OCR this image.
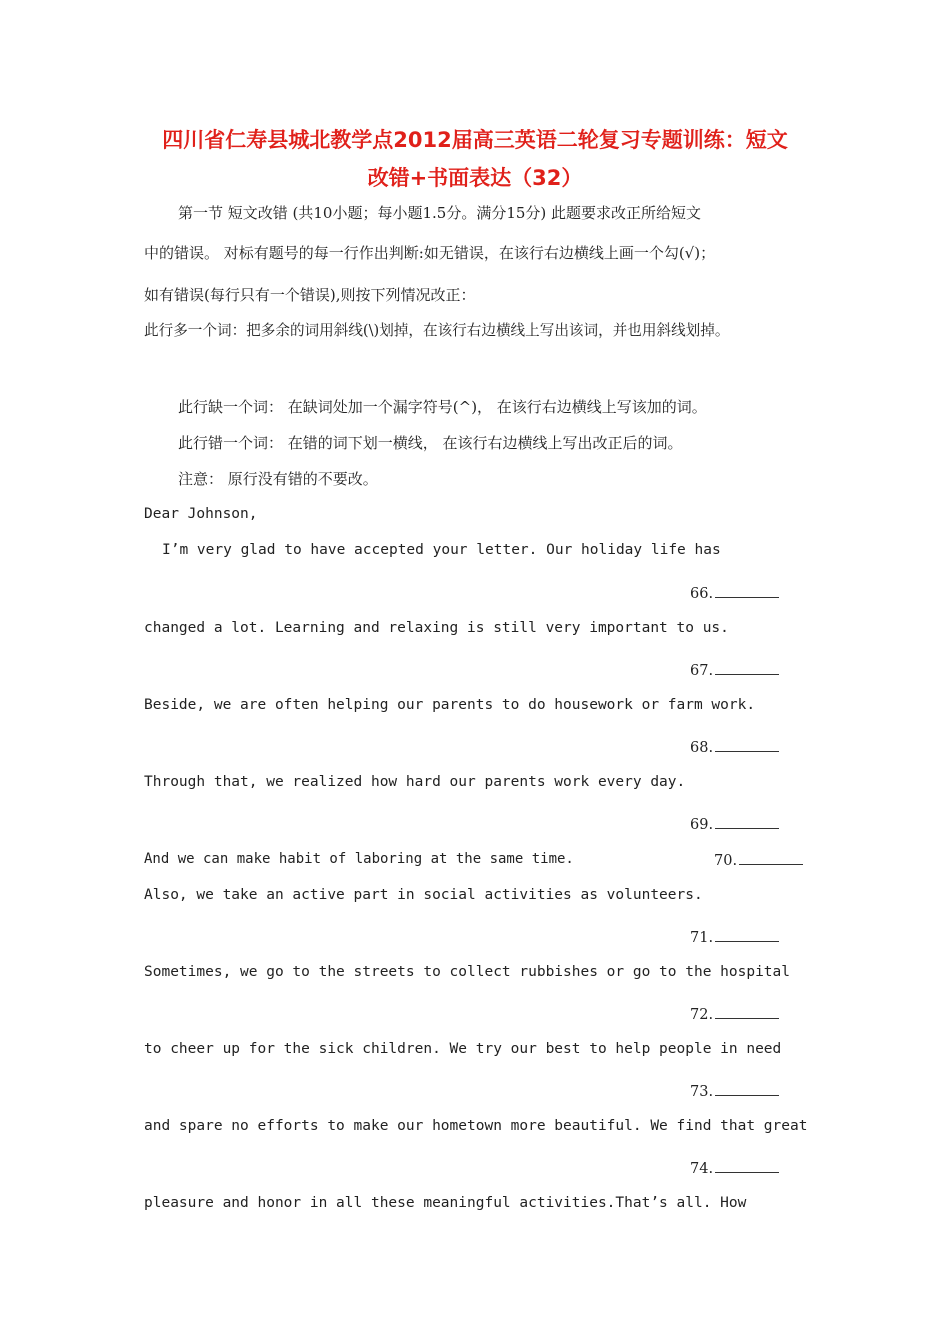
四川省仁寿县城北教学点2012届高三英语二轮复习专题训练：短文
改错+书面表达（32）

第一节 短文改错 (共10小题；每小题1.5分。满分15分) 此题要求改正所给短文

中的错误。 对标有题号的每一行作出判断:如无错误，在该行右边横线上画一个勾(√)；

如有错误(每行只有一个错误),则按下列情况改正：

此行多一个词：把多余的词用斜线(\)划掉，在该行右边横线上写出该词，并也用斜线划掉。

此行缺一个词： 在缺词处加一个漏字符号(^)， 在该行右边横线上写该加的词。

此行错一个词： 在错的词下划一横线， 在该行右边横线上写出改正后的词。

注意： 原行没有错的不要改。

Dear Johnson,

I’m very glad to have accepted your letter. Our holiday life has

66.

changed a lot. Learning and relaxing is still very important to us.

67.

Beside, we are often helping our parents to do housework or farm work.

68.

Through that, we realized how hard our parents work every day.

69.

And we can make habit of laboring at the same time.	70.

Also, we take an active part in social activities as volunteers.

71.

Sometimes, we go to the streets to collect rubbishes or go to the hospital

72.

to cheer up for the sick children. We try our best to help people in need

73.

and spare no efforts to make our hometown more beautiful. We find that great

74.

pleasure and honor in all these meaningful activities.That’s all. How
